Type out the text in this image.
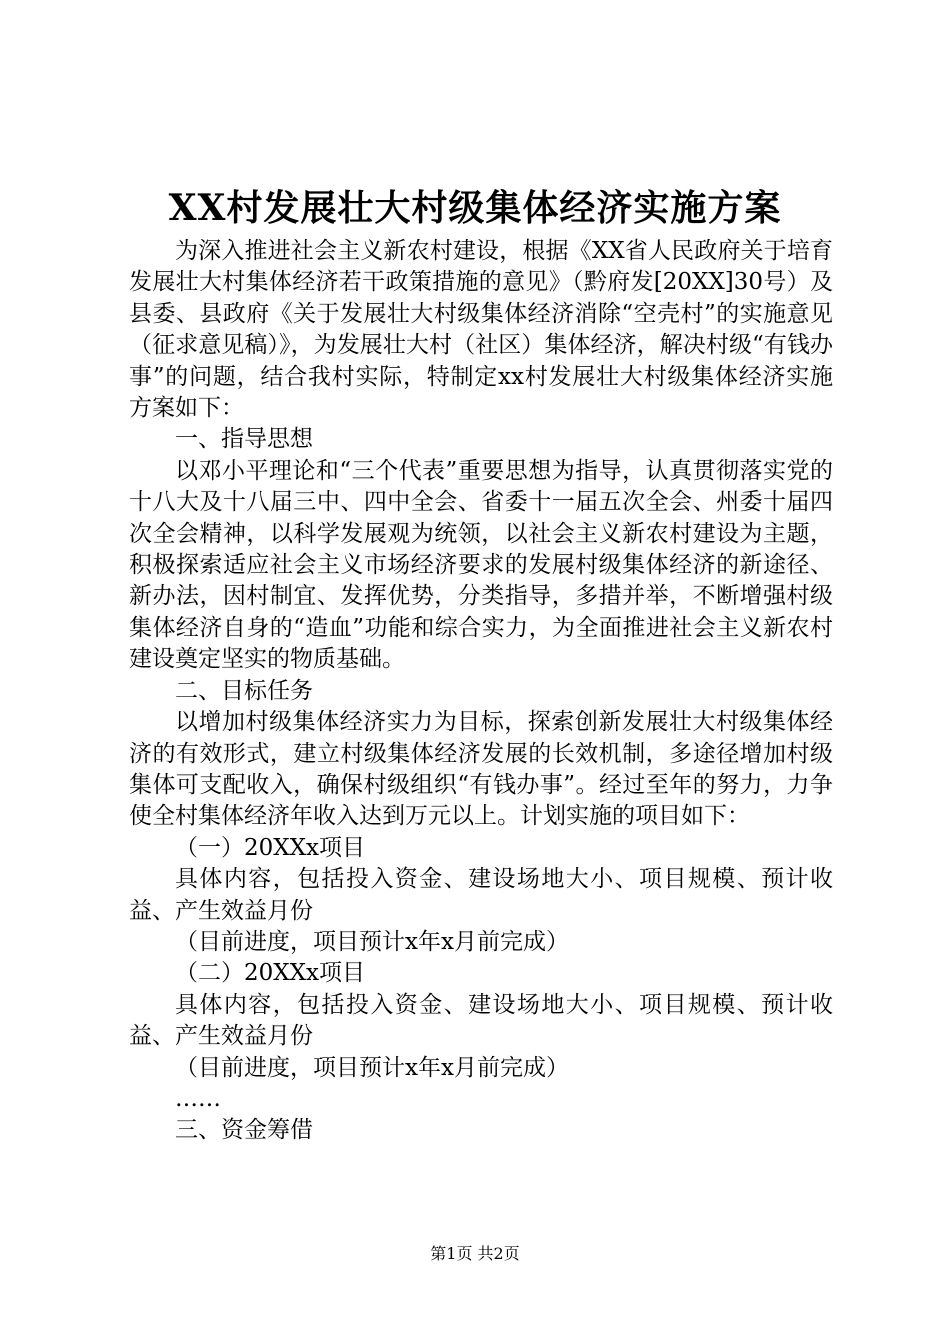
XX村发展壮大村级集体经济实施方案

为深入推进社会主义新农村建设，根据《XX省人民政府关于培育发展壮大村集体经济若干政策措施的意见》（黔府发[20XX]30号）及县委、县政府《关于发展壮大村级集体经济消除“空壳村”的实施意见（征求意见稿）》，为发展壮大村（社区）集体经济，解决村级“有钱办事”的问题，结合我村实际，特制定xx村发展壮大村级集体经济实施方案如下：

一、指导思想

以邓小平理论和“三个代表”重要思想为指导，认真贯彻落实党的十八大及十八届三中、四中全会、省委十一届五次全会、州委十届四次全会精神，以科学发展观为统领，以社会主义新农村建设为主题，积极探索适应社会主义市场经济要求的发展村级集体经济的新途径、新办法，因村制宜、发挥优势，分类指导，多措并举，不断增强村级集体经济自身的“造血”功能和综合实力，为全面推进社会主义新农村建设奠定坚实的物质基础。

二、目标任务

以增加村级集体经济实力为目标，探索创新发展壮大村级集体经济的有效形式，建立村级集体经济发展的长效机制，多途径增加村级集体可支配收入，确保村级组织“有钱办事”。经过至年的努力，力争使全村集体经济年收入达到万元以上。计划实施的项目如下：

（一）20XXx项目

具体内容，包括投入资金、建设场地大小、项目规模、预计收益、产生效益月份

（目前进度，项目预计x年x月前完成）

（二）20XXx项目

具体内容，包括投入资金、建设场地大小、项目规模、预计收益、产生效益月份

（目前进度，项目预计x年x月前完成）

……

三、资金筹借

第1页 共2页
